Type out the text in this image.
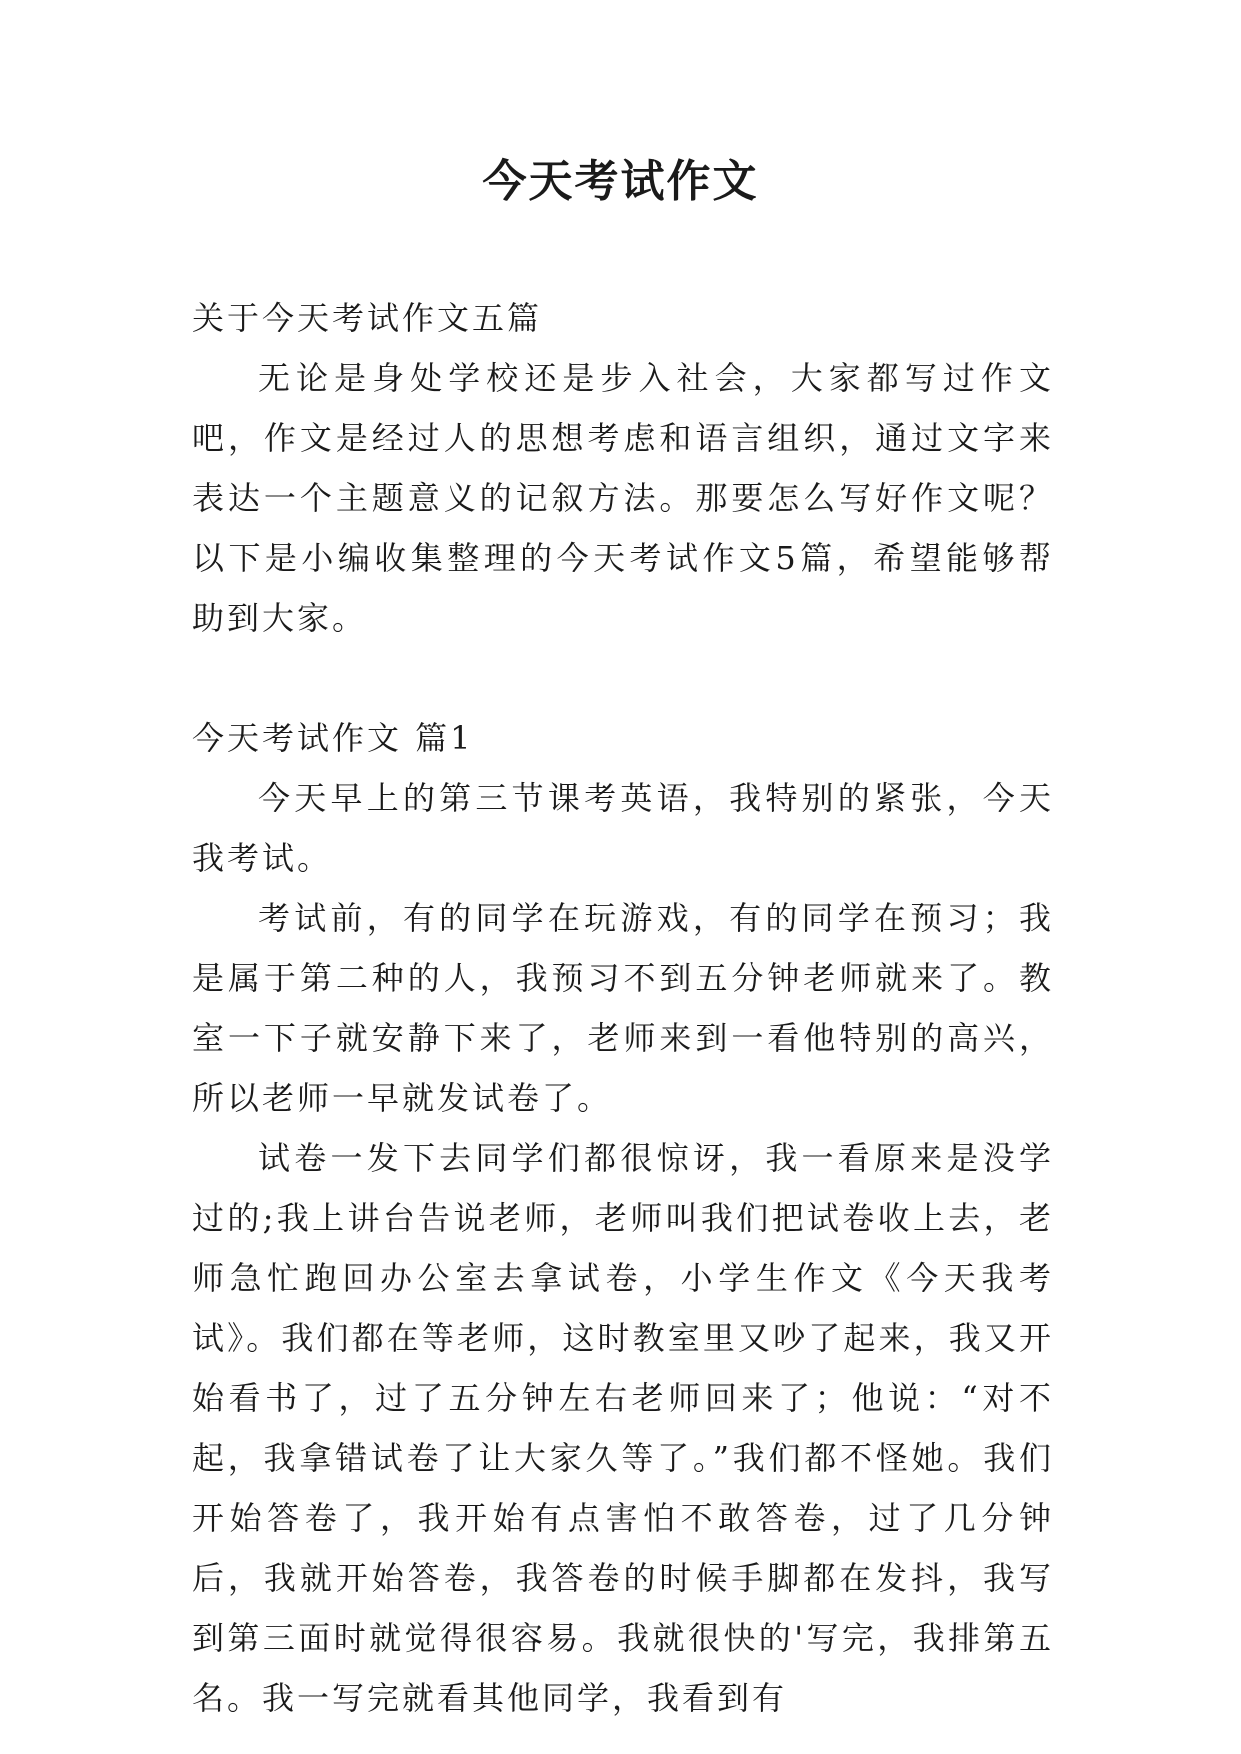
今天考试作文

关于今天考试作文五篇

无论是身处学校还是步入社会，大家都写过作文吧，作文是经过人的思想考虑和语言组织，通过文字来表达一个主题意义的记叙方法。那要怎么写好作文呢？以下是小编收集整理的今天考试作文5篇，希望能够帮助到大家。

今天考试作文 篇1

今天早上的第三节课考英语，我特别的紧张，今天我考试。

考试前，有的同学在玩游戏，有的同学在预习；我是属于第二种的人，我预习不到五分钟老师就来了。教室一下子就安静下来了，老师来到一看他特别的高兴，所以老师一早就发试卷了。

试卷一发下去同学们都很惊讶，我一看原来是没学过的;我上讲台告说老师，老师叫我们把试卷收上去，老师急忙跑回办公室去拿试卷，小学生作文《今天我考试》。我们都在等老师，这时教室里又吵了起来，我又开始看书了，过了五分钟左右老师回来了；他说：“对不起，我拿错试卷了让大家久等了。”我们都不怪她。我们开始答卷了，我开始有点害怕不敢答卷，过了几分钟后，我就开始答卷，我答卷的时候手脚都在发抖，我写到第三面时就觉得很容易。我就很快的'写完，我排第五名。我一写完就看其他同学，我看到有
